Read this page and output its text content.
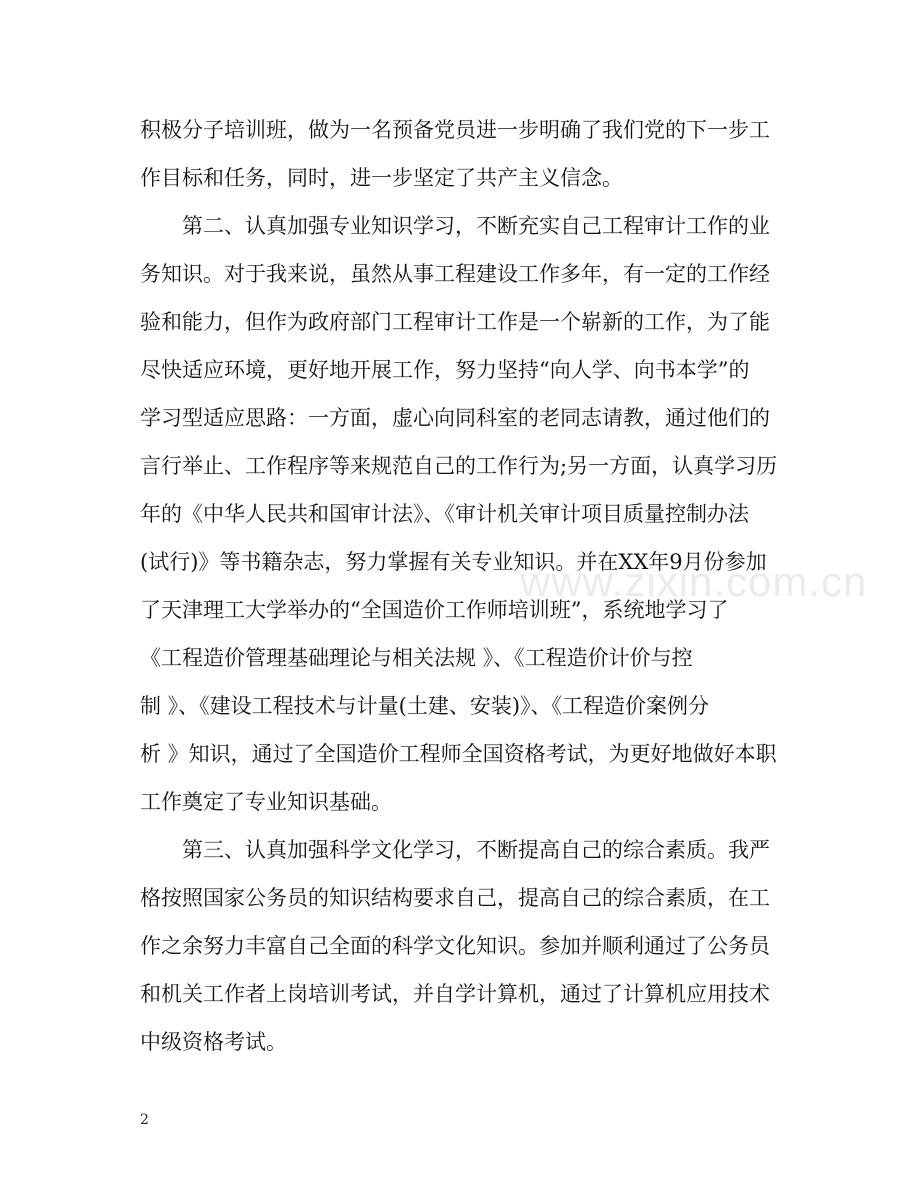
积极分子培训班，做为一名预备党员进一步明确了我们党的下一步工
作目标和任务，同时，进一步坚定了共产主义信念。
第二、认真加强专业知识学习，不断充实自己工程审计工作的业
务知识。对于我来说，虽然从事工程建设工作多年，有一定的工作经
验和能力，但作为政府部门工程审计工作是一个崭新的工作，为了能
尽快适应环境，更好地开展工作，努力坚持“向人学、向书本学”的
学习型适应思路：一方面，虚心向同科室的老同志请教，通过他们的
言行举止、工作程序等来规范自己的工作行为;另一方面，认真学习历
年的《中华人民共和国审计法》、《审计机关审计项目质量控制办法
(试行)》等书籍杂志，努力掌握有关专业知识。并在XX年9月份参加
了天津理工大学举办的“全国造价工作师培训班”，系统地学习了
《工程造价管理基础理论与相关法规 》、《工程造价计价与控
制 》、《建设工程技术与计量(土建、安装)》、《工程造价案例分
析 》知识，通过了全国造价工程师全国资格考试，为更好地做好本职
工作奠定了专业知识基础。
第三、认真加强科学文化学习，不断提高自己的综合素质。我严
格按照国家公务员的知识结构要求自己，提高自己的综合素质，在工
作之余努力丰富自己全面的科学文化知识。参加并顺利通过了公务员
和机关工作者上岗培训考试，并自学计算机，通过了计算机应用技术
中级资格考试。
www.zixin.com.cn
2
